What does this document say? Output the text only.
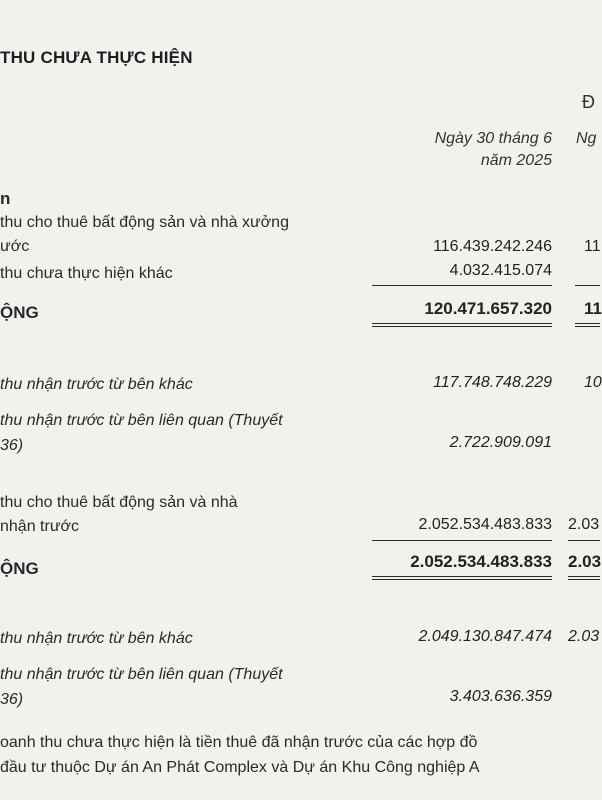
THU CHƯA THỰC HIỆN
Đ
Ngày 30 tháng 6
năm 2025
Ng
n
thu cho thuê bất động sản và nhà xưởng
ước	116.439.242.246 11
thu chưa thực hiện khác	4.032.415.074
ỘNG	120.471.657.320 11
thu nhận trước từ bên khác	117.748.748.229 10
thu nhận trước từ bên liên quan (Thuyết
36)	2.722.909.091
thu cho thuê bất động sản và nhà
nhận trước	2.052.534.483.833 2.03
ỘNG	2.052.534.483.833 2.03
thu nhận trước từ bên khác	2.049.130.847.474 2.03
thu nhận trước từ bên liên quan (Thuyết
36)	3.403.636.359
oanh thu chưa thực hiện là tiền thuê đã nhận trước của các hợp đồ
đầu tư thuộc Dự án An Phát Complex và Dự án Khu Công nghiệp A
